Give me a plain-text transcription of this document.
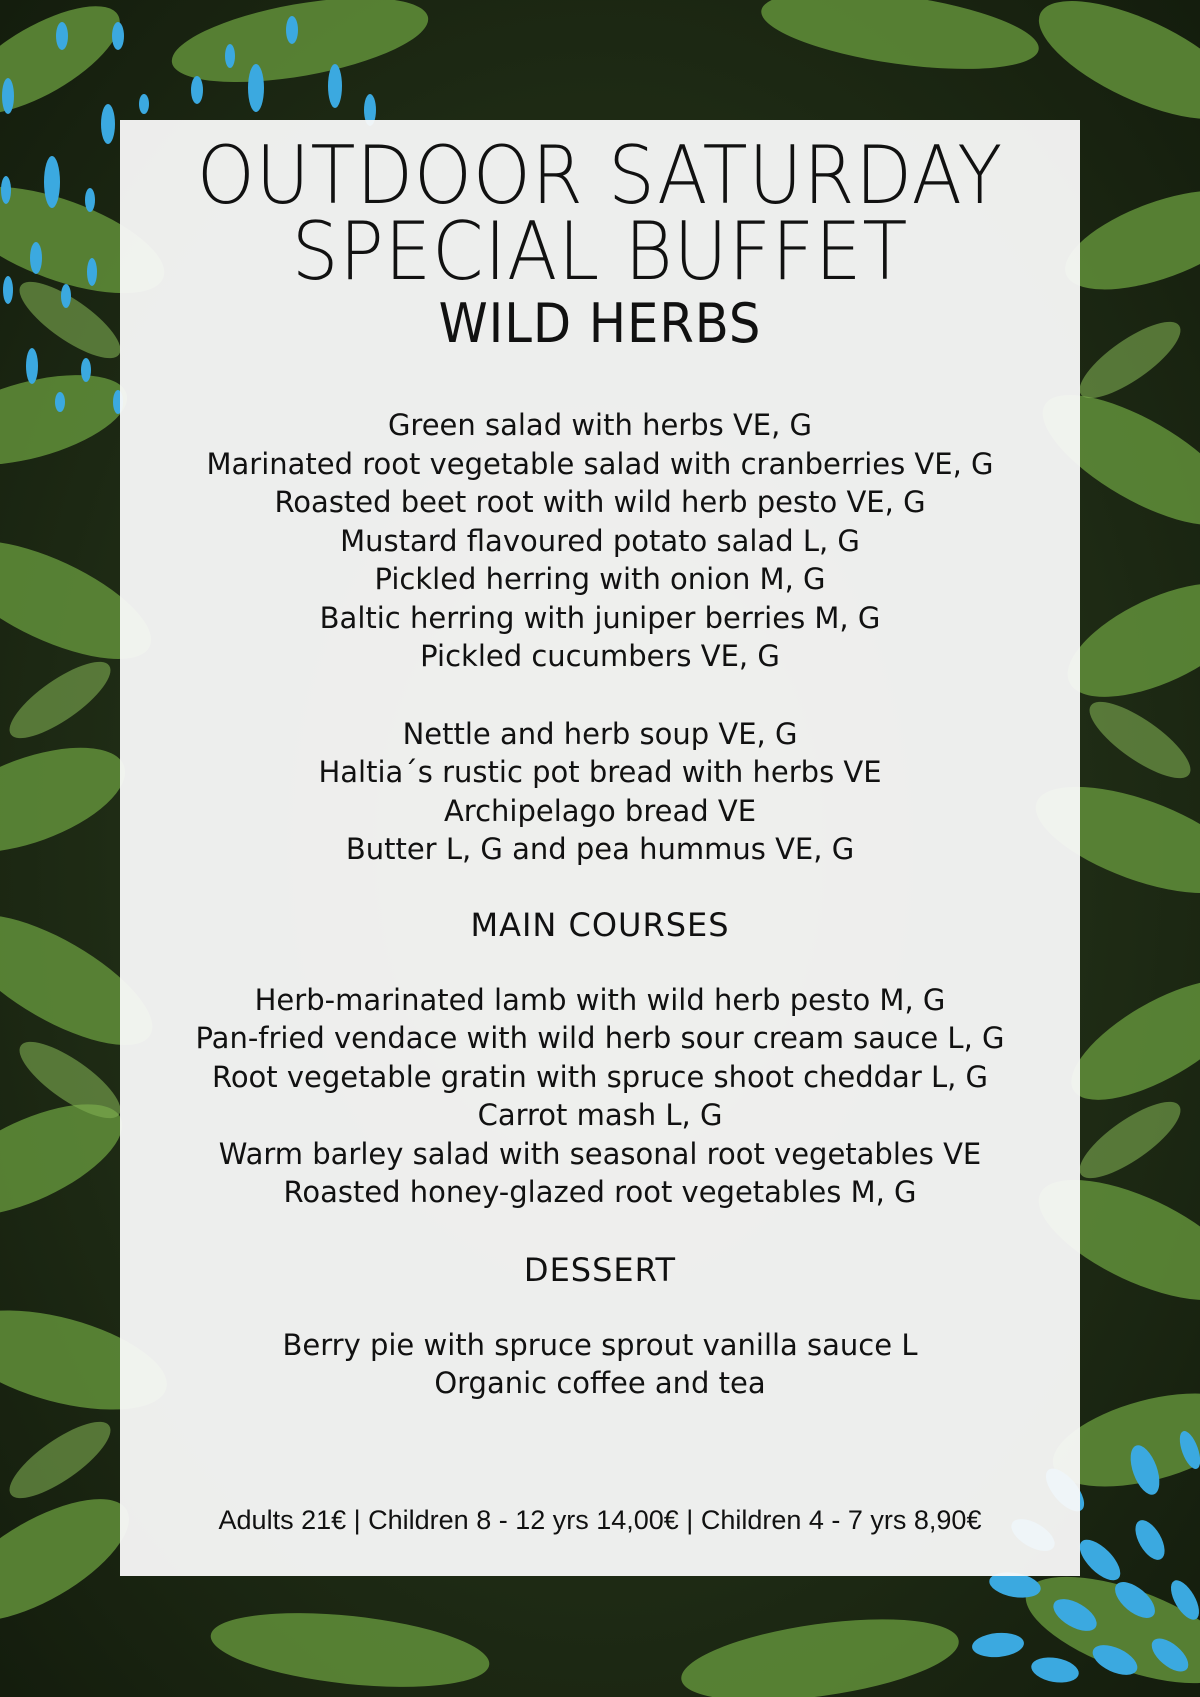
OUTDOOR SATURDAY
SPECIAL BUFFET
WILD HERBS
Green salad with herbs VE, G
Marinated root vegetable salad with cranberries VE, G
Roasted beet root with wild herb pesto VE, G
Mustard flavoured potato salad L, G
Pickled herring with onion M, G
Baltic herring with juniper berries M, G
Pickled cucumbers VE, G
Nettle and herb soup VE, G
Haltia´s rustic pot bread with herbs VE
Archipelago bread VE
Butter L, G and pea hummus VE, G
MAIN COURSES
Herb-marinated lamb with wild herb pesto M, G
Pan-fried vendace with wild herb sour cream sauce L, G
Root vegetable gratin with spruce shoot cheddar L, G
Carrot mash L, G
Warm barley salad with seasonal root vegetables VE
Roasted honey-glazed root vegetables M, G
DESSERT
Berry pie with spruce sprout vanilla sauce L
Organic coffee and tea
Adults 21€ | Children 8 - 12 yrs 14,00€ | Children 4 - 7 yrs 8,90€
